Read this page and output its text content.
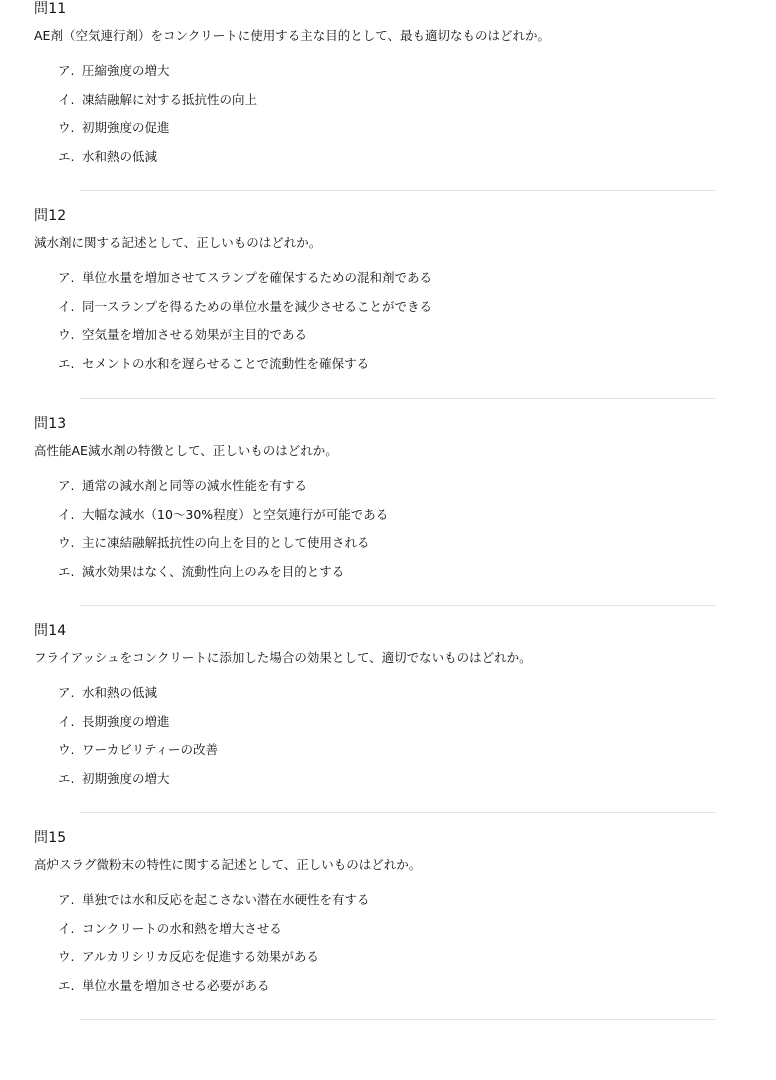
問11
AE剤（空気連行剤）をコンクリートに使用する主な目的として、最も適切なものはどれか。
ア. 圧縮強度の増大
イ. 凍結融解に対する抵抗性の向上
ウ. 初期強度の促進
エ. 水和熱の低減
問12
減水剤に関する記述として、正しいものはどれか。
ア. 単位水量を増加させてスランプを確保するための混和剤である
イ. 同一スランプを得るための単位水量を減少させることができる
ウ. 空気量を増加させる効果が主目的である
エ. セメントの水和を遅らせることで流動性を確保する
問13
高性能AE減水剤の特徴として、正しいものはどれか。
ア. 通常の減水剤と同等の減水性能を有する
イ. 大幅な減水（10〜30%程度）と空気連行が可能である
ウ. 主に凍結融解抵抗性の向上を目的として使用される
エ. 減水効果はなく、流動性向上のみを目的とする
問14
フライアッシュをコンクリートに添加した場合の効果として、適切でないものはどれか。
ア. 水和熱の低減
イ. 長期強度の増進
ウ. ワーカビリティーの改善
エ. 初期強度の増大
問15
高炉スラグ微粉末の特性に関する記述として、正しいものはどれか。
ア. 単独では水和反応を起こさない潜在水硬性を有する
イ. コンクリートの水和熱を増大させる
ウ. アルカリシリカ反応を促進する効果がある
エ. 単位水量を増加させる必要がある
